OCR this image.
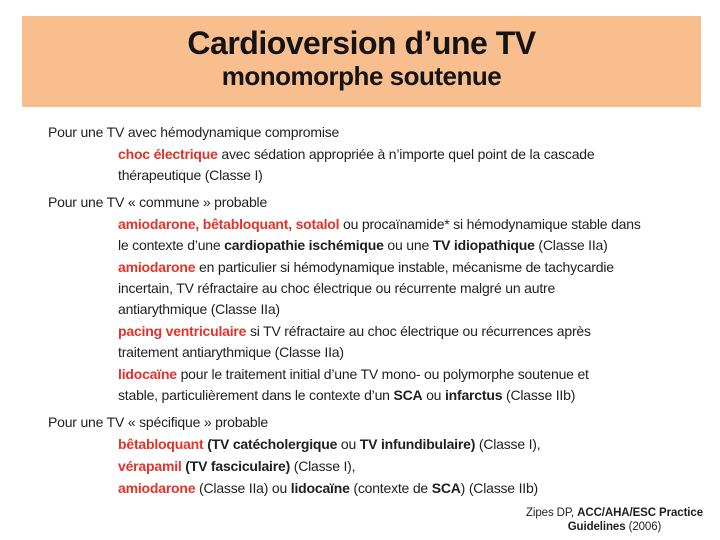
Cardioversion d’une TV
monomorphe soutenue
Pour une TV avec hémodynamique compromise
choc électrique avec sédation appropriée à n’importe quel point de la cascade
thérapeutique (Classe I)
Pour une TV « commune » probable
amiodarone, bêtabloquant, sotalol ou procaïnamide* si hémodynamique stable dans
le contexte d’une cardiopathie ischémique ou une TV idiopathique (Classe IIa)
amiodarone en particulier si hémodynamique instable, mécanisme de tachycardie
incertain, TV réfractaire au choc électrique ou récurrente malgré un autre
antiarythmique (Classe IIa)
pacing ventriculaire si TV réfractaire au choc électrique ou récurrences après
traitement antiarythmique (Classe IIa)
lidocaïne pour le traitement initial d’une TV mono- ou polymorphe soutenue et
stable, particulièrement dans le contexte d’un SCA ou infarctus (Classe IIb)
Pour une TV « spécifique » probable
bêtabloquant (TV catécholergique ou TV infundibulaire) (Classe I),
vérapamil (TV fasciculaire) (Classe I),
amiodarone (Classe IIa) ou lidocaïne (contexte de SCA) (Classe IIb)
Zipes DP, ACC/AHA/ESC Practice
Guidelines (2006)
